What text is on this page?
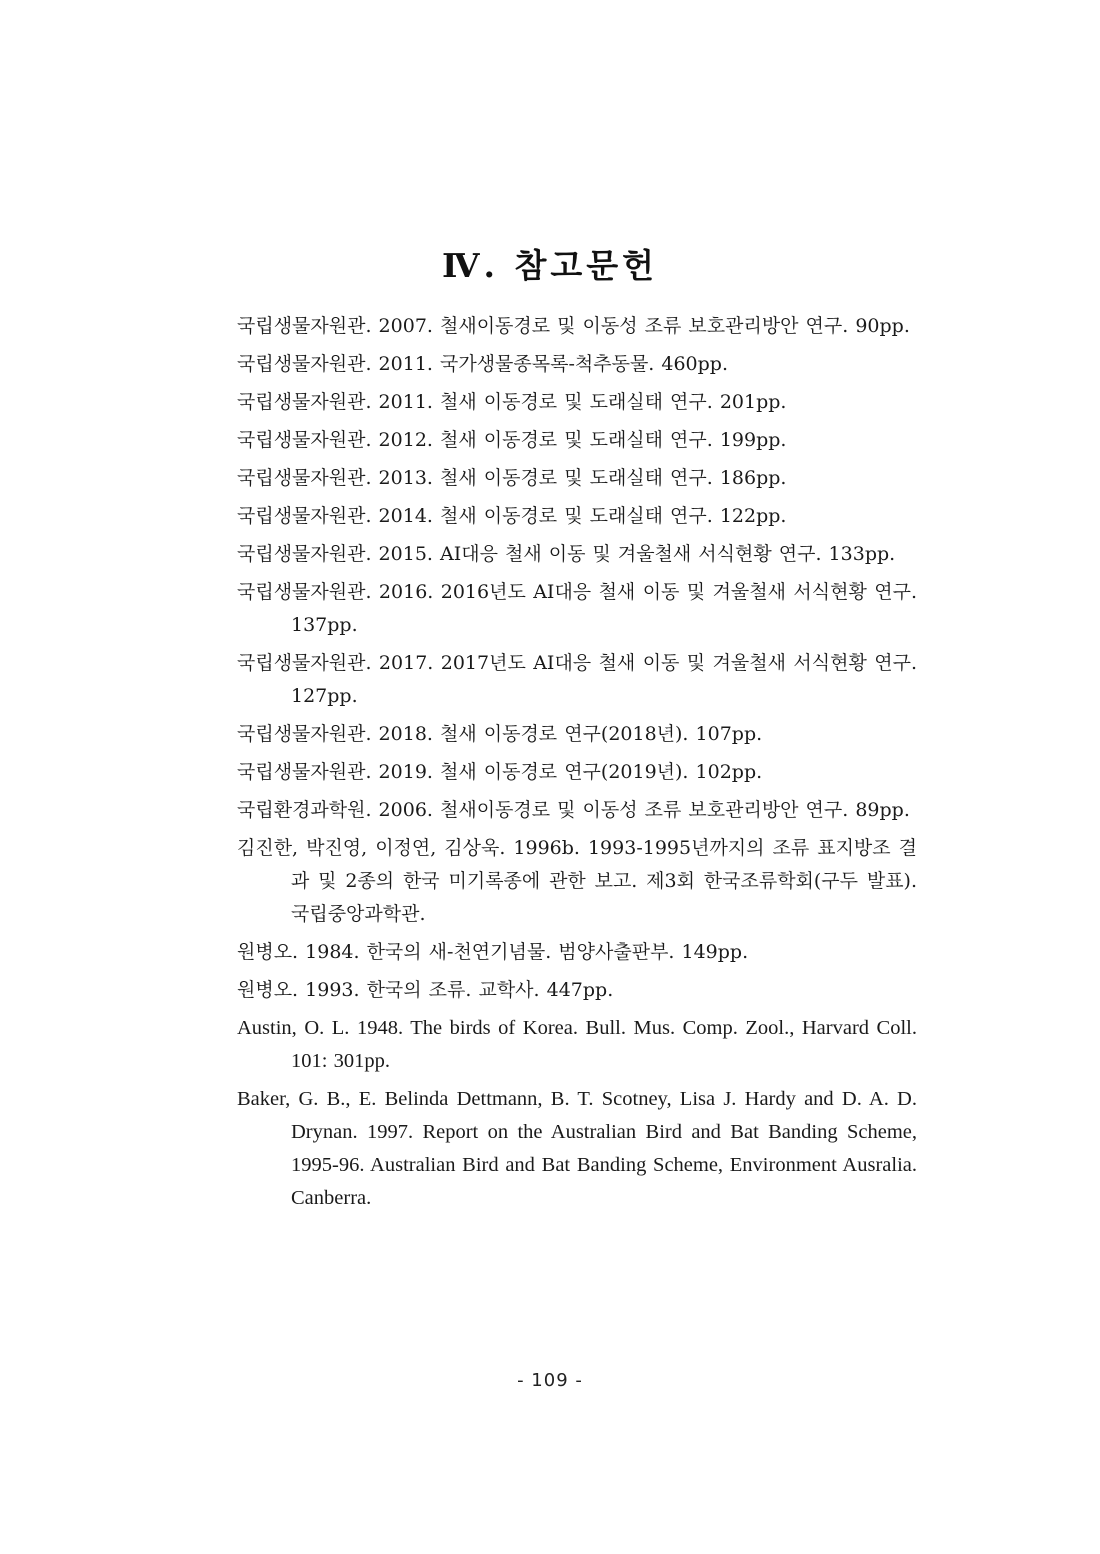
Ⅳ. 참고문헌
국립생물자원관. 2007. 철새이동경로 및 이동성 조류 보호관리방안 연구. 90pp.
국립생물자원관. 2011. 국가생물종목록-척추동물. 460pp.
국립생물자원관. 2011. 철새 이동경로 및 도래실태 연구. 201pp.
국립생물자원관. 2012. 철새 이동경로 및 도래실태 연구. 199pp.
국립생물자원관. 2013. 철새 이동경로 및 도래실태 연구. 186pp.
국립생물자원관. 2014. 철새 이동경로 및 도래실태 연구. 122pp.
국립생물자원관. 2015. AI대응 철새 이동 및 겨울철새 서식현황 연구. 133pp.
국립생물자원관. 2016. 2016년도 AI대응 철새 이동 및 겨울철새 서식현황 연구. 137pp.
국립생물자원관. 2017. 2017년도 AI대응 철새 이동 및 겨울철새 서식현황 연구. 127pp.
국립생물자원관. 2018. 철새 이동경로 연구(2018년). 107pp.
국립생물자원관. 2019. 철새 이동경로 연구(2019년). 102pp.
국립환경과학원. 2006. 철새이동경로 및 이동성 조류 보호관리방안 연구. 89pp.
김진한, 박진영, 이정연, 김상욱. 1996b. 1993-1995년까지의 조류 표지방조 결과 및 2종의 한국 미기록종에 관한 보고. 제3회 한국조류학회(구두 발표). 국립중앙과학관.
원병오. 1984. 한국의 새-천연기념물. 범양사출판부. 149pp.
원병오. 1993. 한국의 조류. 교학사. 447pp.
Austin, O. L. 1948. The birds of Korea. Bull. Mus. Comp. Zool., Harvard Coll. 101: 301pp.
Baker, G. B., E. Belinda Dettmann, B. T. Scotney, Lisa J. Hardy and D. A. D. Drynan. 1997. Report on the Australian Bird and Bat Banding Scheme, 1995-96. Australian Bird and Bat Banding Scheme, Environment Ausralia. Canberra.
- 109 -
